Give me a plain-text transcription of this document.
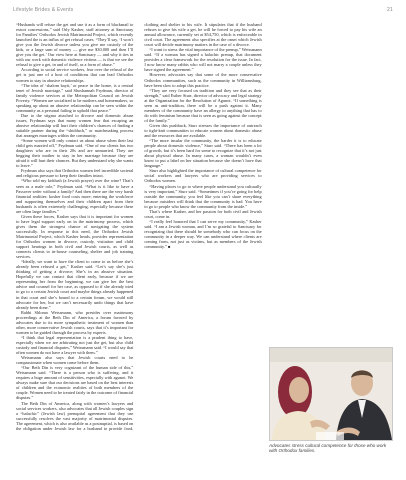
Lifestyle Brides & Events	21

“Husbands will refuse the get and use it as a form of blackmail to extort concessions,” said Orly Kasher, staff attorney at Sanctuary for Families’ Orthodox Jewish Matrimonial Project, which recently launched the is an influx of get refusal cases. “They’ll say, ‘I won’t give you the Jewish divorce unless you give me custody of the kids, or a large sum of money — give me $30,000 and then I’ll give you the get.’ Our view here at Sanctuary — and why it ties in with our work with domestic violence victims — is that we see the refusal to give a get, in and of itself, as a form of abuse.”

According to social service workers, fear over the refusal of the get is just one of a host of conditions that can lead Orthodox women to stay in abusive relationships.

“The idea of ‘shalom bayit,’ or peace in the home, is a central tenet of Jewish marriage,” said Shoshannah Frydman, director of family violence services at the Metropolitan Council on Jewish Poverty. “Women are socialized to be mothers and homemakers, so speaking up about an abusive relationship can be seen within the community as a personal failing to uphold that peace.”

Due to the stigma attached to divorce and domestic abuse issues, Frydman says that many women fear that escaping an abusive relationship will hurt their children’s chances of finding a suitable partner during the “shidduch,” or matchmaking process that arranges marriages within the community.

“Some women will only contact us about abuse when their last child gets married off,” Frydman said. “One of our clients has two daughters who are in their 20s and are unmarried. They are begging their mother to stay in her marriage because they are afraid it will hurt their chances. But they understand why she wants to leave.”

Frydman also says that Orthodox women feel incredible societal and religious pressure to keep their families intact.

“Who told my kiddush (a Jewish prayer) over the wine? That’s seen as a male role,” Frydman said. “What is it like to have a Passover seder without a family? And then there are the very harsh financial realities: kosher food costs more; entering the workforce and supporting themselves and their children apart from their husbands is often extremely challenging, especially because these are often large families.”

Given these forces, Kasher says that it is important for women to have legal support early on in the matrimony process, which gives them the strongest chance of navigating the system successfully. In response to this need, the Orthodox Jewish Matrimonial Project, which Kasher heads, provides representation for Orthodox women in divorce, custody, visitation and child support hearings in both civil and Jewish courts, as well as connects clients to in-house counseling, shelter and job training services.

“Ideally, we want to have the client to come to us before she’s already been refused a get,” Kasher said. “Let’s say she’s just thinking of getting a divorce; She’s in an abusive situation. Hopefully we can contact that client early, because if we are representing her from the beginning, we can give her the best advice and counsel for her case, as opposed to if she already tried to go to a certain Jewish court and maybe things already happened in that court and she’s bound to a certain forum, we would still advocate for her, but we can’t necessarily undo things that have already been done.”

Rabbi Shlomo Weissmann, who presides over matrimony proceedings at the Beth Din of America, a forum favored by advocates due to its more sympathetic treatment of women than other, more conservative Jewish courts, says that it’s important for women to be guided through the process by experts.

“I think that legal representation is a prudent thing to have, especially when we are arbitrating not just the get, but also child custody and financial disputes,” Weissmann said. “I would say that often women do not have a lawyer with them.”

Weissmann also says that Jewish courts need to be compassionate when women come before them.

“Our Beth Din is very cognizant of the human side of this,” Weissmann said. “There is a person who is suffering, and it requires a huge amount of sensitivities, especially with agunot. We always make sure that our decisions are based on the best interests of children and the economic realities of both members of the couple. Women need to be treated fairly in the outcome of financial disputes.”

The Beth Din of America, along with women’s lawyers and social services workers, also advocates that all Jewish couples sign a “halachic” (Jewish law) prenuptial agreement that they use successfully resolves the vast majority of matrimonial disputes. The agreement, which is also available as a postnuptial, is based on the obligation under Jewish law for a husband to provide food, clothing and shelter to his wife. It stipulates that if the husband refuses to give his wife a get, he will be forced to pay his wife an annual allowance, currently set at $54,750, which is enforceable in civil court. The agreement also specifies at the onset which Jewish court will decide matrimony matters in the case of a divorce.

“I want to stress the vital importance of the prenup,” Weissmann said. “If a woman has signed a halachic prenup, that document provides a clear framework for the resolution for the issue. In fact, I now know many rabbis who will not marry a couple unless they have signed the agreement.”

However, advocates say that some of the more conservative Orthodox communities, such as the community in Williamsburg, have been slow to adopt this practice.

“They are very focused on tradition and they see that as their strength,” said Esther Sturr, director of advocacy and legal strategy at the Organization for the Resolution of Agunot. “If something is seen as anti-tradition, there will be a push against it. Many members of the community have an allergy to anything that has to do with feminism because that is seen as going against the concept of the family.”

Given this pushback, Sturr stresses the importance of outreach to tight-knit communities to educate women about domestic abuse and the resources that are available.

“The more insular the community, the harder it is to educate people about domestic violence,” Sturr said. “There has been a lot of growth, but it’s been hard for some to recognize that it’s not just about physical abuse. In many cases, a woman wouldn’t even know to put a label on her situation because she doesn’t have that language.”

Sturr also highlighted the importance of cultural competence for social workers and lawyers who are providing services to Orthodox women.

“Having places to go to where people understand you culturally is very important,” Sturr said. “Sometimes if you’re going for help outside the community, you feel like you can’t share everything because outsiders will think that the community is bad. You have to go to people who know the community from the inside.”

That’s where Kasher, and her passion for both civil and Jewish court, come in.

“I really feel honored that I can serve my community,” Kasher said. “I am a Jewish woman, and I’m so grateful to Sanctuary for recognizing that there should be somebody who can focus on the community in a deeper way. We can understand where clients are coming from, not just as victims, but as members of the Jewish community.” ■

Advocates stress cultural competence for those who work with Orthodox families.
